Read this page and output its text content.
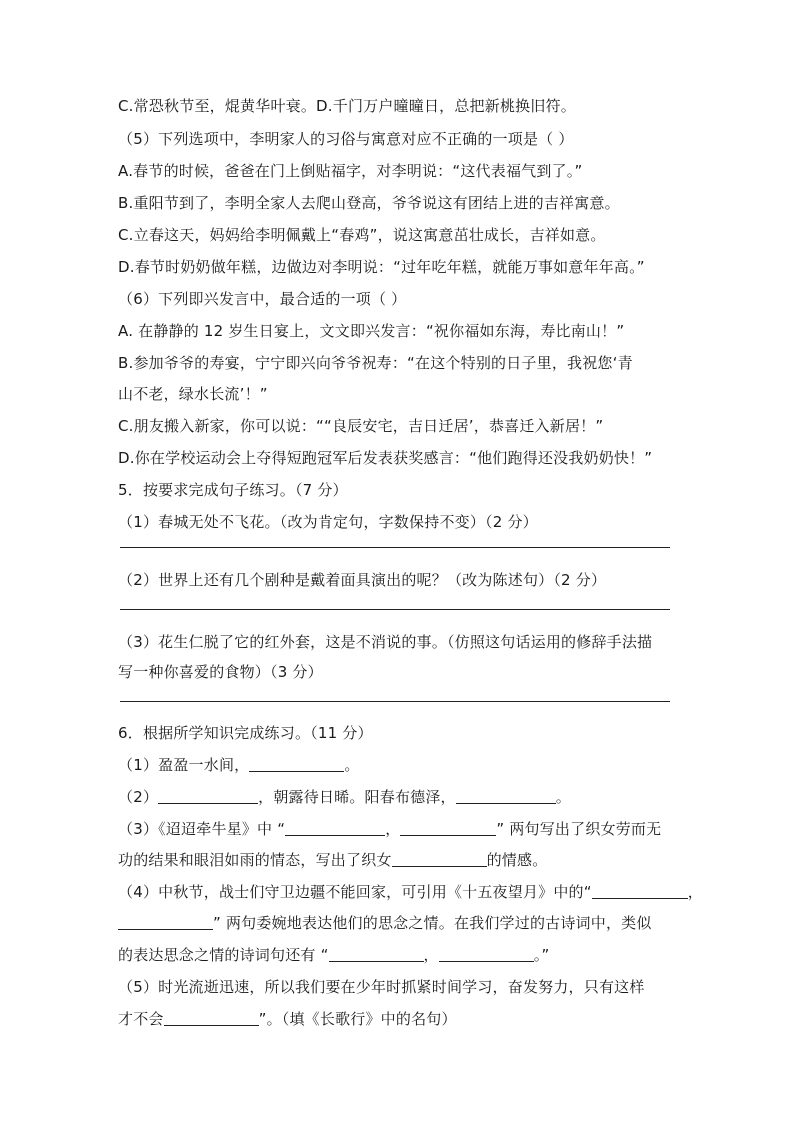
C.常恐秋节至，焜黄华叶衰。D.千门万户曈曈日，总把新桃换旧符。
（5）下列选项中，李明家人的习俗与寓意对应不正确的一项是（ ）
A.春节的时候，爸爸在门上倒贴福字，对李明说：“这代表福气到了。”
B.重阳节到了，李明全家人去爬山登高，爷爷说这有团结上进的吉祥寓意。
C.立春这天，妈妈给李明佩戴上“春鸡”，说这寓意茁壮成长，吉祥如意。
D.春节时奶奶做年糕，边做边对李明说：“过年吃年糕，就能万事如意年年高。”
（6）下列即兴发言中，最合适的一项（ ）
A. 在静静的 12 岁生日宴上，文文即兴发言：“祝你福如东海，寿比南山！”
B.参加爷爷的寿宴，宁宁即兴向爷爷祝寿：“在这个特别的日子里，我祝您‘青
山不老，绿水长流’！”
C.朋友搬入新家，你可以说：““良辰安宅，吉日迁居’，恭喜迁入新居！”
D.你在学校运动会上夺得短跑冠军后发表获奖感言：“他们跑得还没我奶奶快！”
5．按要求完成句子练习。（7 分）
（1）春城无处不飞花。（改为肯定句，字数保持不变）（2 分）
（2）世界上还有几个剧种是戴着面具演出的呢？（改为陈述句）（2 分）
（3）花生仁脱了它的红外套，这是不消说的事。（仿照这句话运用的修辞手法描
写一种你喜爱的食物）（3 分）
6．根据所学知识完成练习。（11 分）
（1）盈盈一水间，	。
（2）	，朝露待日晞。阳春布德泽，	。
（3）《迢迢牵牛星》中 “	，	” 两句写出了织女劳而无
功的结果和眼泪如雨的情态，写出了织女	的情感。
（4）中秋节，战士们守卫边疆不能回家，可引用《十五夜望月》中的“	，
” 两句委婉地表达他们的思念之情。在我们学过的古诗词中，类似
的表达思念之情的诗词句还有 “	，	。”
（5）时光流逝迅速，所以我们要在少年时抓紧时间学习，奋发努力，只有这样
才不会	”。（填《长歌行》中的名句）
